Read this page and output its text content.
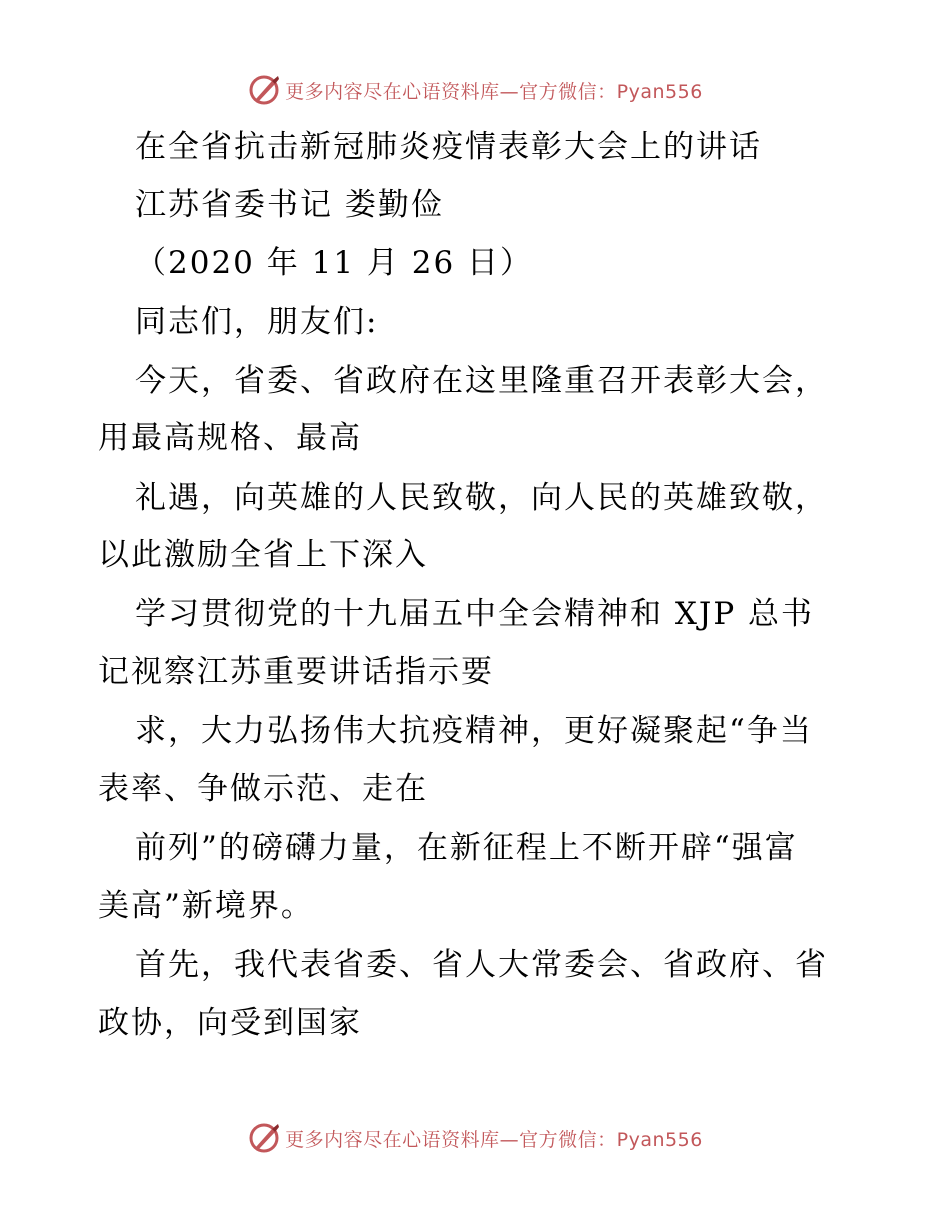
更多内容尽在心语资料库—官方微信：Pyan556
在全省抗击新冠肺炎疫情表彰大会上的讲话
江苏省委书记 娄勤俭
（2020 年 11 月 26 日）
同志们，朋友们:
今天，省委、省政府在这里隆重召开表彰大会，
用最高规格、最高
礼遇，向英雄的人民致敬，向人民的英雄致敬，
以此激励全省上下深入
学习贯彻党的十九届五中全会精神和 XJP 总书
记视察江苏重要讲话指示要
求，大力弘扬伟大抗疫精神，更好凝聚起“争当
表率、争做示范、走在
前列”的磅礴力量，在新征程上不断开辟“强富
美高”新境界。
首先，我代表省委、省人大常委会、省政府、省
政协，向受到国家
更多内容尽在心语资料库—官方微信：Pyan556
